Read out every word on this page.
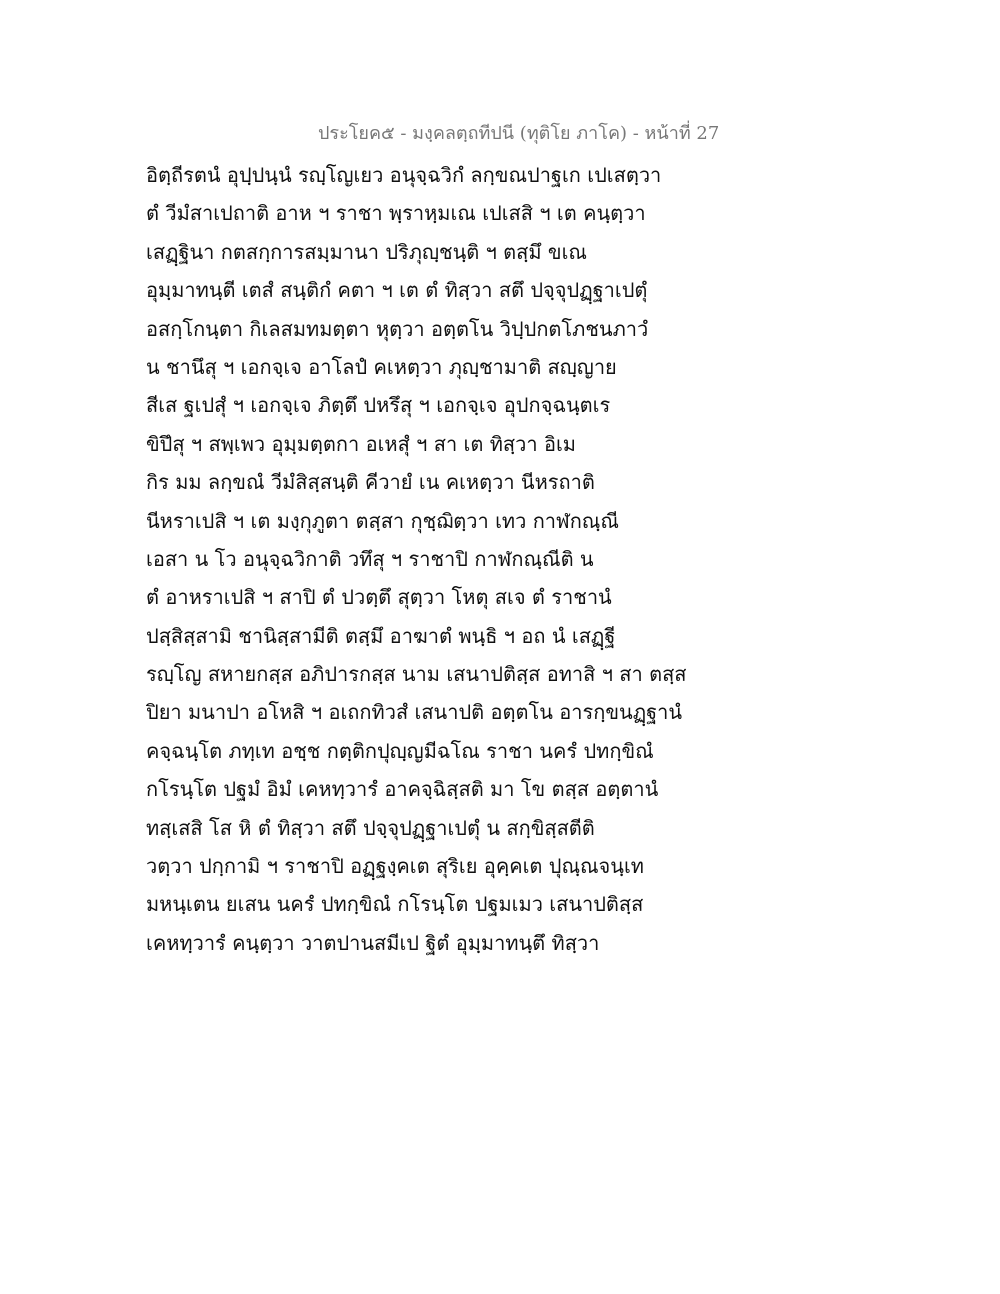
ประโยค๕ - มงฺคลตฺถทีปนี (ทุติโย ภาโค) - หน้าที่ 27
อิตฺถีรตนํ อุปฺปนฺนํ รญฺโญเยว อนุจฺฉวิกํ ลกฺขณปาฐเก เปเสตฺวา
ตํ วีมํสาเปถาติ อาห ฯ ราชา พฺราหฺมเณ เปเสสิ ฯ เต คนฺตฺวา
เสฏฺฐินา กตสกฺการสมฺมานา ปริภุญฺชนฺติ ฯ ตสฺมึ ขเณ
อุมฺมาทนฺตี เตสํ สนฺติกํ คตา ฯ เต ตํ ทิสฺวา สตึ ปจฺจุปฏฺฐาเปตุํ
อสกฺโกนฺตา กิเลสมทมตฺตา หุตฺวา อตฺตโน วิปฺปกตโภชนภาวํ
น ชานึสุ ฯ เอกจฺเจ อาโลปํ คเหตฺวา ภุญฺชามาติ สญฺญาย
สีเส ฐเปสุํ ฯ เอกจฺเจ ภิตฺตึ ปหรึสุ ฯ เอกจฺเจ อุปกจฺฉนฺตเร
ขิปึสุ ฯ สพฺเพว อุมฺมตฺตกา อเหสุํ ฯ สา เต ทิสฺวา อิเม
กิร มม ลกฺขณํ วีมํสิสฺสนฺติ คีวายํ เน คเหตฺวา นีหรถาติ
นีหราเปสิ ฯ เต มงฺกุภูตา ตสฺสา กุชฺฌิตฺวา เทว กาฬกณฺณี
เอสา น โว อนุจฺฉวิกาติ วทึสุ ฯ ราชาปิ กาฬกณฺณีติ น
ตํ อาหราเปสิ ฯ สาปิ ตํ ปวตฺตึ สุตฺวา โหตุ สเจ ตํ ราชานํ
ปสฺสิสฺสามิ ชานิสฺสามีติ ตสฺมึ อาฆาตํ พนฺธิ ฯ อถ นํ เสฏฺฐี
รญฺโญ สหายกสฺส อภิปารกสฺส นาม เสนาปติสฺส อทาสิ ฯ สา ตสฺส
ปิยา มนาปา อโหสิ ฯ อเถกทิวสํ เสนาปติ อตฺตโน อารกฺขนฏฺฐานํ
คจฺฉนฺโต ภทฺเท อชฺช กตฺติกปุญฺญมีฉโณ ราชา นครํ ปทกฺขิณํ
กโรนฺโต ปฐมํ อิมํ เคหทฺวารํ อาคจฺฉิสฺสติ มา โข ตสฺส อตฺตานํ
ทสฺเสสิ โส หิ ตํ ทิสฺวา สตึ ปจฺจุปฏฺฐาเปตุํ น สกฺขิสฺสตีติ
วตฺวา ปกฺกามิ ฯ ราชาปิ อฏฺฐงฺคเต สุริเย อุคฺคเต ปุณฺณจนฺเท
มหนฺเตน ยเสน นครํ ปทกฺขิณํ กโรนฺโต ปฐมเมว เสนาปติสฺส
เคหทฺวารํ คนฺตฺวา วาตปานสมีเป ฐิตํ อุมฺมาทนฺตึ ทิสฺวา
